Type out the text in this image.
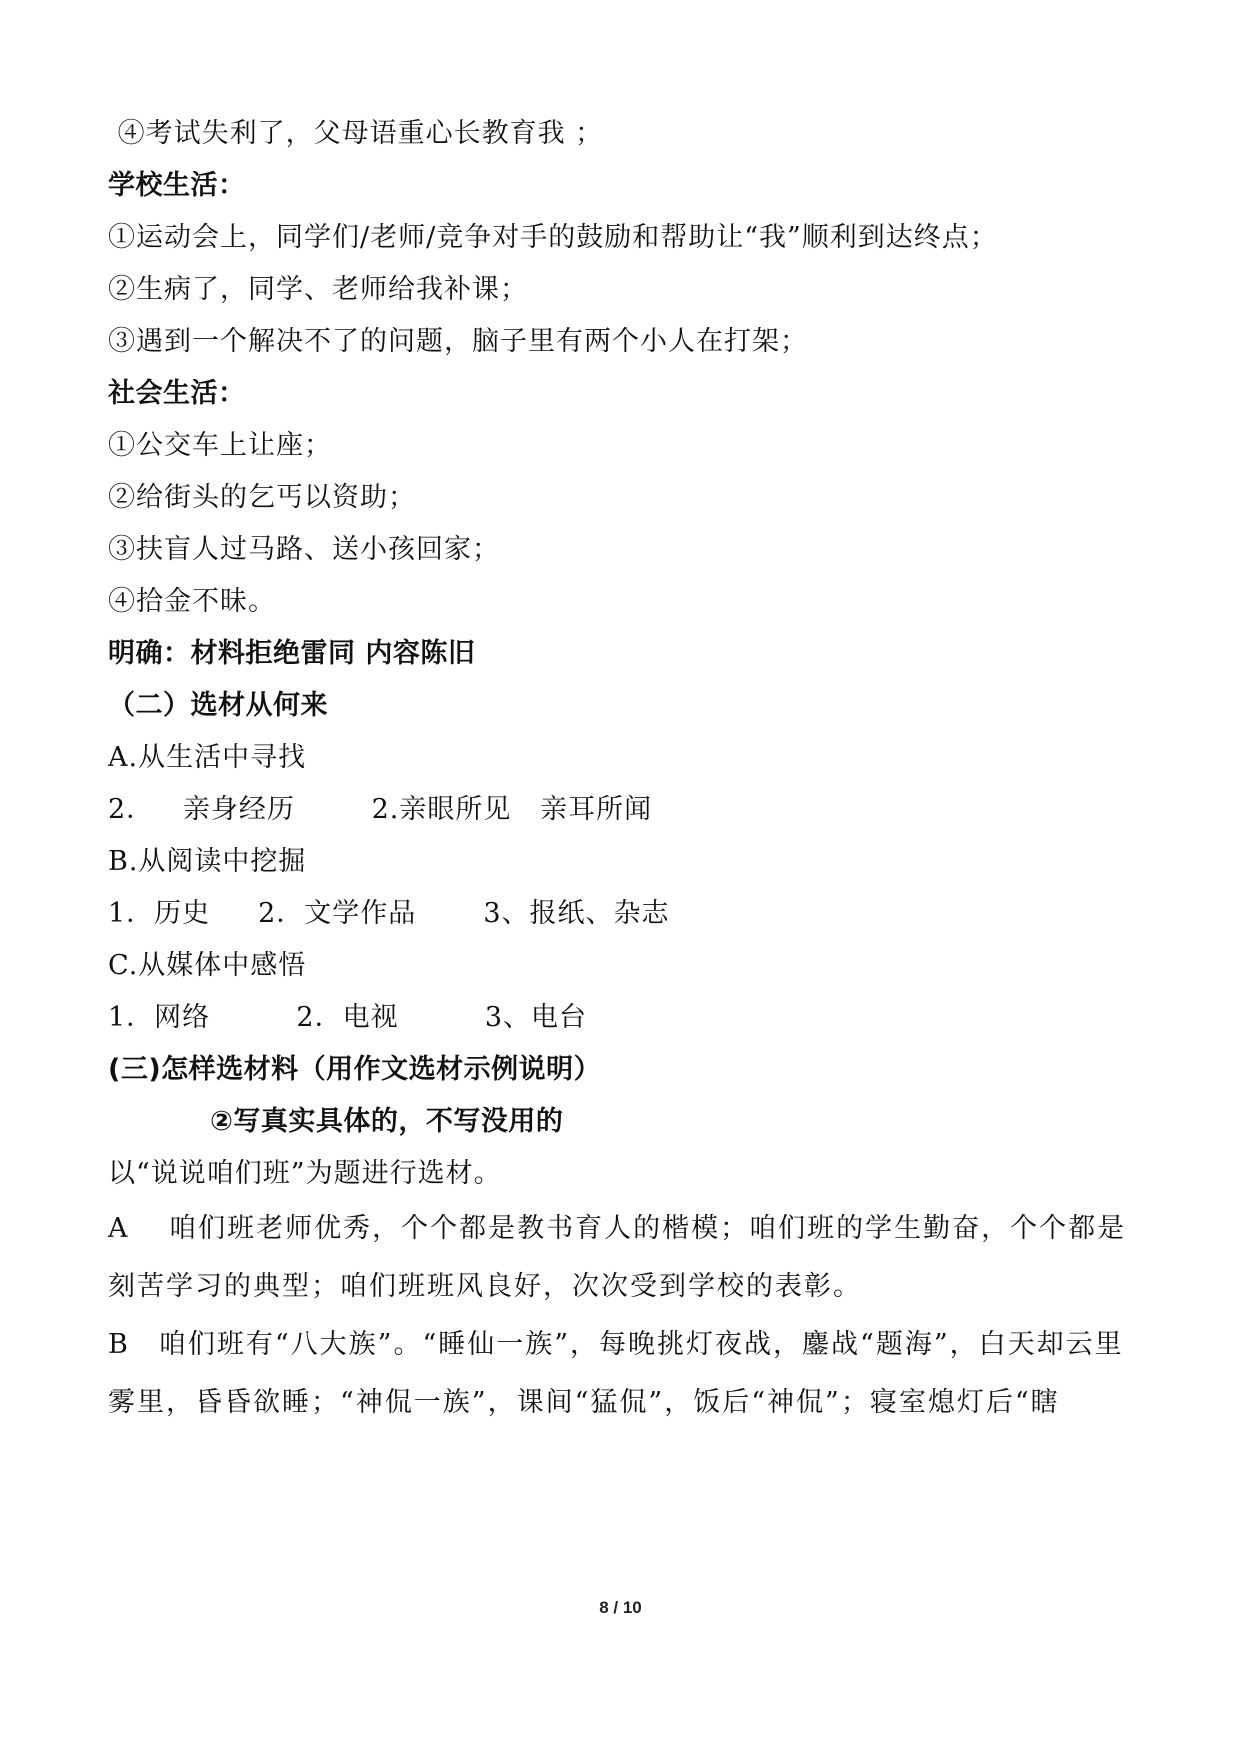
④考试失利了，父母语重心长教育我 ；
学校生活：
①运动会上，同学们/老师/竞争对手的鼓励和帮助让“我”顺利到达终点；
②生病了，同学、老师给我补课；
③遇到一个解决不了的问题，脑子里有两个小人在打架；
社会生活：
①公交车上让座；
②给街头的乞丐以资助；
③扶盲人过马路、送小孩回家；
④拾金不昧。
明确：材料拒绝雷同 内容陈旧
（二）选材从何来
A.从生活中寻找
2．   亲身经历        2.亲眼所见   亲耳所闻
B.从阅读中挖掘
1．历史     2．文学作品       3、报纸、杂志
C.从媒体中感悟
1．网络         2．电视         3、电台
(三)怎样选材料（用作文选材示例说明）
②写真实具体的，不写没用的
以“说说咱们班”为题进行选材。
A　 咱们班老师优秀，个个都是教书育人的楷模；咱们班的学生勤奋，个个都是刻苦学习的典型；咱们班班风良好，次次受到学校的表彰。
B　咱们班有“八大族”。“睡仙一族”，每晚挑灯夜战，鏖战“题海”，白天却云里雾里，昏昏欲睡；“神侃一族”，课间“猛侃”，饭后“神侃”；寝室熄灯后“瞎
8 / 10
